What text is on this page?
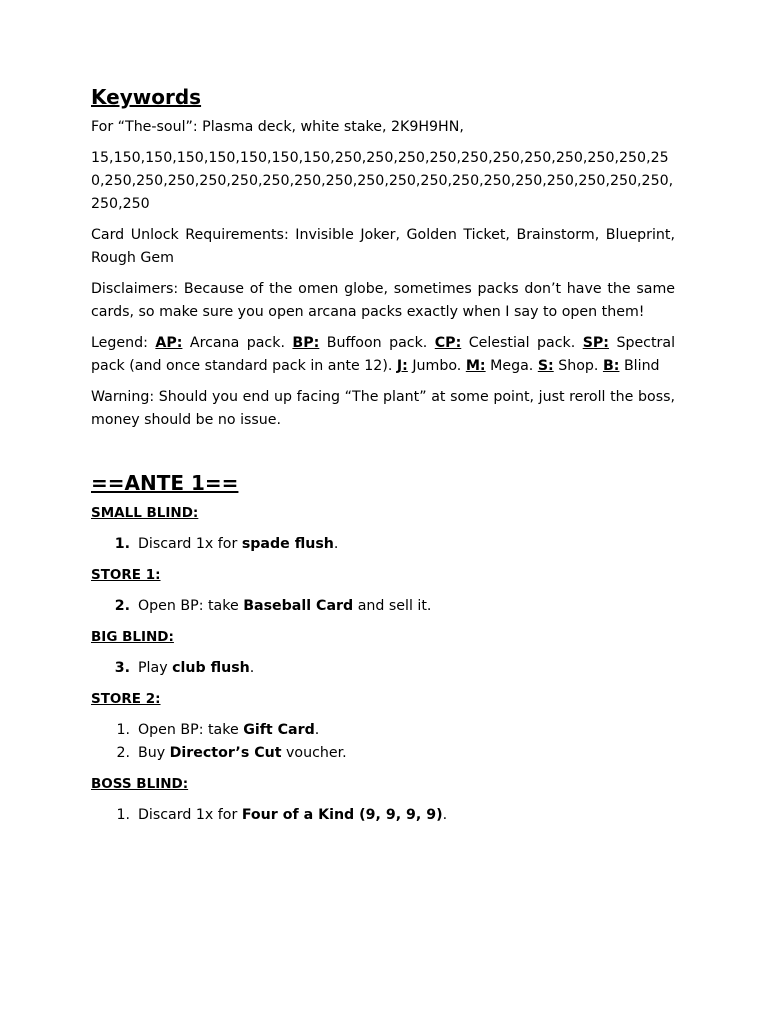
Keywords

For “The-soul”: Plasma deck, white stake, 2K9H9HN,

15,150,150,150,150,150,150,150,250,250,250,250,250,250,250,250,250,250,250,250,250,250,250,250,250,250,250,250,250,250,250,250,250,250,250,250,250,250,250

Card Unlock Requirements: Invisible Joker, Golden Ticket, Brainstorm, Blueprint, Rough Gem

Disclaimers: Because of the omen globe, sometimes packs don’t have the same cards, so make sure you open arcana packs exactly when I say to open them!

Legend: AP: Arcana pack. BP: Buffoon pack. CP: Celestial pack. SP: Spectral pack (and once standard pack in ante 12). J: Jumbo. M: Mega. S: Shop. B: Blind

Warning: Should you end up facing “The plant” at some point, just reroll the boss, money should be no issue.

==ANTE 1==
SMALL BLIND:
1. Discard 1x for spade flush.
STORE 1:
2. Open BP: take Baseball Card and sell it.
BIG BLIND:
3. Play club flush.
STORE 2:
1. Open BP: take Gift Card.
2. Buy Director’s Cut voucher.
BOSS BLIND:
1. Discard 1x for Four of a Kind (9, 9, 9, 9).
